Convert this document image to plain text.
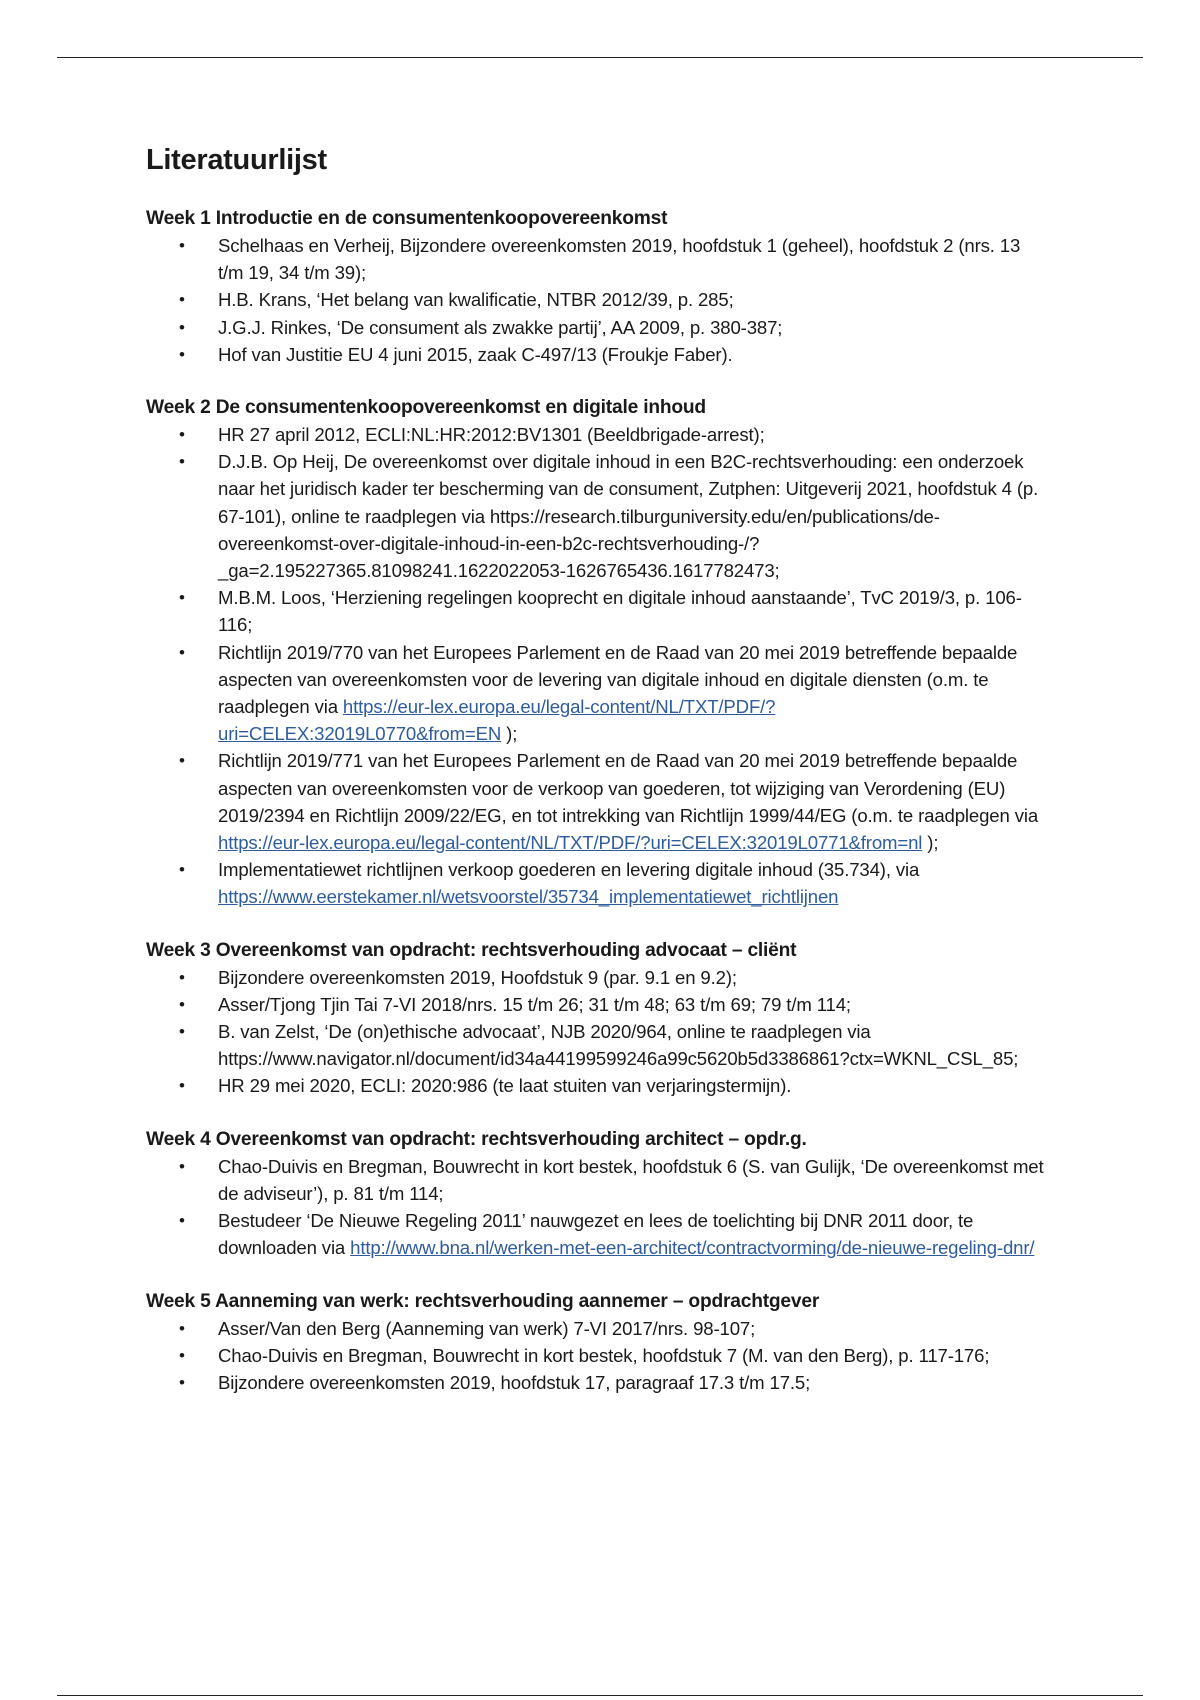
Literatuurlijst
Week 1 Introductie en de consumentenkoopovereenkomst
• Schelhaas en Verheij, Bijzondere overeenkomsten 2019, hoofdstuk 1 (geheel), hoofdstuk 2 (nrs. 13 t/m 19, 34 t/m 39);
• H.B. Krans, ‘Het belang van kwalificatie, NTBR 2012/39, p. 285;
• J.G.J. Rinkes, ‘De consument als zwakke partij’, AA 2009, p. 380-387;
• Hof van Justitie EU 4 juni 2015, zaak C-497/13 (Froukje Faber).
Week 2 De consumentenkoopovereenkomst en digitale inhoud
• HR 27 april 2012, ECLI:NL:HR:2012:BV1301 (Beeldbrigade-arrest);
• D.J.B. Op Heij, De overeenkomst over digitale inhoud in een B2C-rechtsverhouding: een onderzoek naar het juridisch kader ter bescherming van de consument, Zutphen: Uitgeverij 2021, hoofdstuk 4 (p. 67-101), online te raadplegen via https://research.tilburguniversity.edu/en/publications/de-overeenkomst-over-digitale-inhoud-in-een-b2c-rechtsverhouding-/?_ga=2.195227365.81098241.1622022053-1626765436.1617782473;
• M.B.M. Loos, ‘Herziening regelingen kooprecht en digitale inhoud aanstaande’, TvC 2019/3, p. 106-116;
• Richtlijn 2019/770 van het Europees Parlement en de Raad van 20 mei 2019 betreffende bepaalde aspecten van overeenkomsten voor de levering van digitale inhoud en digitale diensten (o.m. te raadplegen via https://eur-lex.europa.eu/legal-content/NL/TXT/PDF/?uri=CELEX:32019L0770&from=EN );
• Richtlijn 2019/771 van het Europees Parlement en de Raad van 20 mei 2019 betreffende bepaalde aspecten van overeenkomsten voor de verkoop van goederen, tot wijziging van Verordening (EU) 2019/2394 en Richtlijn 2009/22/EG, en tot intrekking van Richtlijn 1999/44/EG (o.m. te raadplegen via https://eur-lex.europa.eu/legal-content/NL/TXT/PDF/?uri=CELEX:32019L0771&from=nl );
• Implementatiewet richtlijnen verkoop goederen en levering digitale inhoud (35.734), via https://www.eerstekamer.nl/wetsvoorstel/35734_implementatiewet_richtlijnen
Week 3 Overeenkomst van opdracht: rechtsverhouding advocaat – cliënt
• Bijzondere overeenkomsten 2019, Hoofdstuk 9 (par. 9.1 en 9.2);
• Asser/Tjong Tjin Tai 7-VI 2018/nrs. 15 t/m 26; 31 t/m 48; 63 t/m 69; 79 t/m 114;
• B. van Zelst, ‘De (on)ethische advocaat’, NJB 2020/964, online te raadplegen via https://www.navigator.nl/document/id34a44199599246a99c5620b5d3386861?ctx=WKNL_CSL_85;
• HR 29 mei 2020, ECLI: 2020:986 (te laat stuiten van verjaringstermijn).
Week 4 Overeenkomst van opdracht: rechtsverhouding architect – opdr.g.
• Chao-Duivis en Bregman, Bouwrecht in kort bestek, hoofdstuk 6 (S. van Gulijk, ‘De overeenkomst met de adviseur’), p. 81 t/m 114;
• Bestudeer ‘De Nieuwe Regeling 2011’ nauwgezet en lees de toelichting bij DNR 2011 door, te downloaden via http://www.bna.nl/werken-met-een-architect/contractvorming/de-nieuwe-regeling-dnr/
Week 5 Aanneming van werk: rechtsverhouding aannemer – opdrachtgever
• Asser/Van den Berg (Aanneming van werk) 7-VI 2017/nrs. 98-107;
• Chao-Duivis en Bregman, Bouwrecht in kort bestek, hoofdstuk 7 (M. van den Berg), p. 117-176;
• Bijzondere overeenkomsten 2019, hoofdstuk 17, paragraaf 17.3 t/m 17.5;
